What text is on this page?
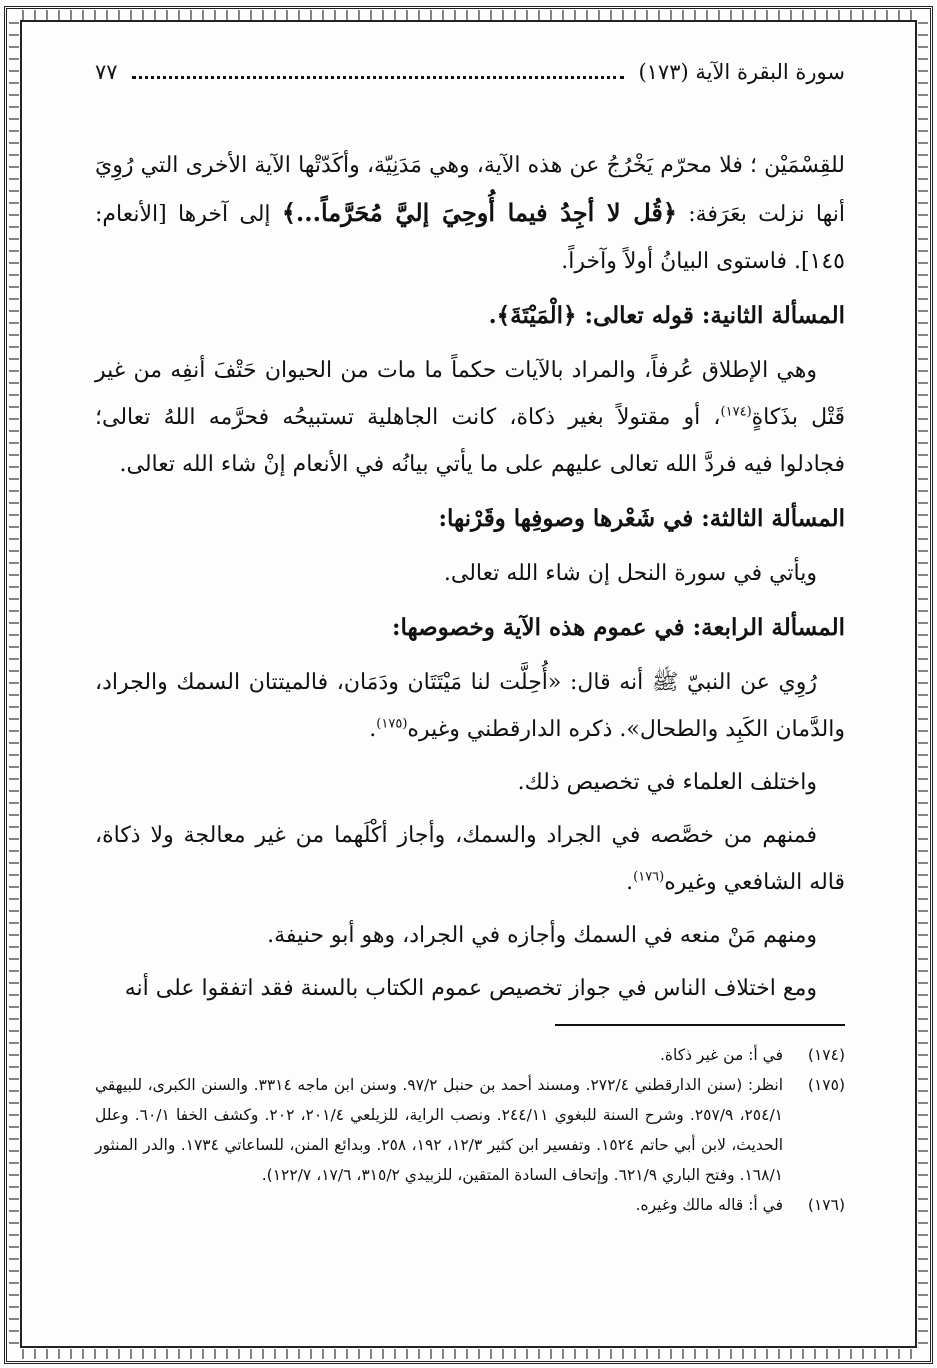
سورة البقرة الآية (١٧٣)
٧٧

للقِسْمَيْن ؛ فلا محرّم يَخْرُجُ عن هذه الآية، وهي مَدَنِيّة، وأكَدّتْها الآية الأخرى التي رُوِيَ أنها نزلت بعَرَفة: ﴿قُل لا أجِدُ فيما أُوحِيَ إليَّ مُحَرَّماً...﴾ إلى آخرها [الأنعام: ١٤٥]. فاستوى البيانُ أولاً وآخراً.

المسألة الثانية: قوله تعالى: ﴿الْمَيْتَةَ﴾.

وهي الإطلاق عُرفاً، والمراد بالآيات حكماً ما مات من الحيوان حَتْفَ أنفِه من غير قَتْل بذَكاةٍ$^{(١٧٤)}$، أو مقتولاً بغير ذكاة، كانت الجاهلية تستبيحُه فحرَّمه اللهُ تعالى؛ فجادلوا فيه فردَّ الله تعالى عليهم على ما يأتي بيانُه في الأنعام إنْ شاء الله تعالى.

المسألة الثالثة: في شَعْرها وصوفِها وقَرْنها:

ويأتي في سورة النحل إن شاء الله تعالى.

المسألة الرابعة: في عموم هذه الآية وخصوصها:

رُوِي عن النبيّ ﷺ أنه قال: «أُحِلَّت لنا مَيْتَتَان ودَمَان، فالميتتان السمك والجراد، والدَّمان الكَبِد والطحال». ذكره الدارقطني وغيره$^{(١٧٥)}$.

واختلف العلماء في تخصيص ذلك.

فمنهم من خصَّصه في الجراد والسمك، وأجاز أكْلَهما من غير معالجة ولا ذكاة، قاله الشافعي وغيره$^{(١٧٦)}$.

ومنهم مَنْ منعه في السمك وأجازه في الجراد، وهو أبو حنيفة.

ومع اختلاف الناس في جواز تخصيص عموم الكتاب بالسنة فقد اتفقوا على أنه

(١٧٤)
في أ: من غير ذكاة.
(١٧٥)
انظر: (سنن الدارقطني ٢٧٢/٤. ومسند أحمد بن حنبل ٩٧/٢. وسنن ابن ماجه ٣٣١٤. والسنن الكبرى، للبيهقي ٢٥٤/١، ٢٥٧/٩. وشرح السنة للبغوي ٢٤٤/١١. ونصب الراية، للزيلعي ٢٠١/٤، ٢٠٢. وكشف الخفا ٦٠/١. وعلل الحديث، لابن أبي حاتم ١٥٢٤. وتفسير ابن كثير ١٢/٣، ١٩٢، ٢٥٨. وبدائع المنن، للساعاتي ١٧٣٤. والدر المنثور ١٦٨/١. وفتح الباري ٦٢١/٩. وإتحاف السادة المتقين، للزبيدي ٣١٥/٢، ١٧/٦، ١٢٢/٧).
(١٧٦)
في أ: قاله مالك وغيره.
